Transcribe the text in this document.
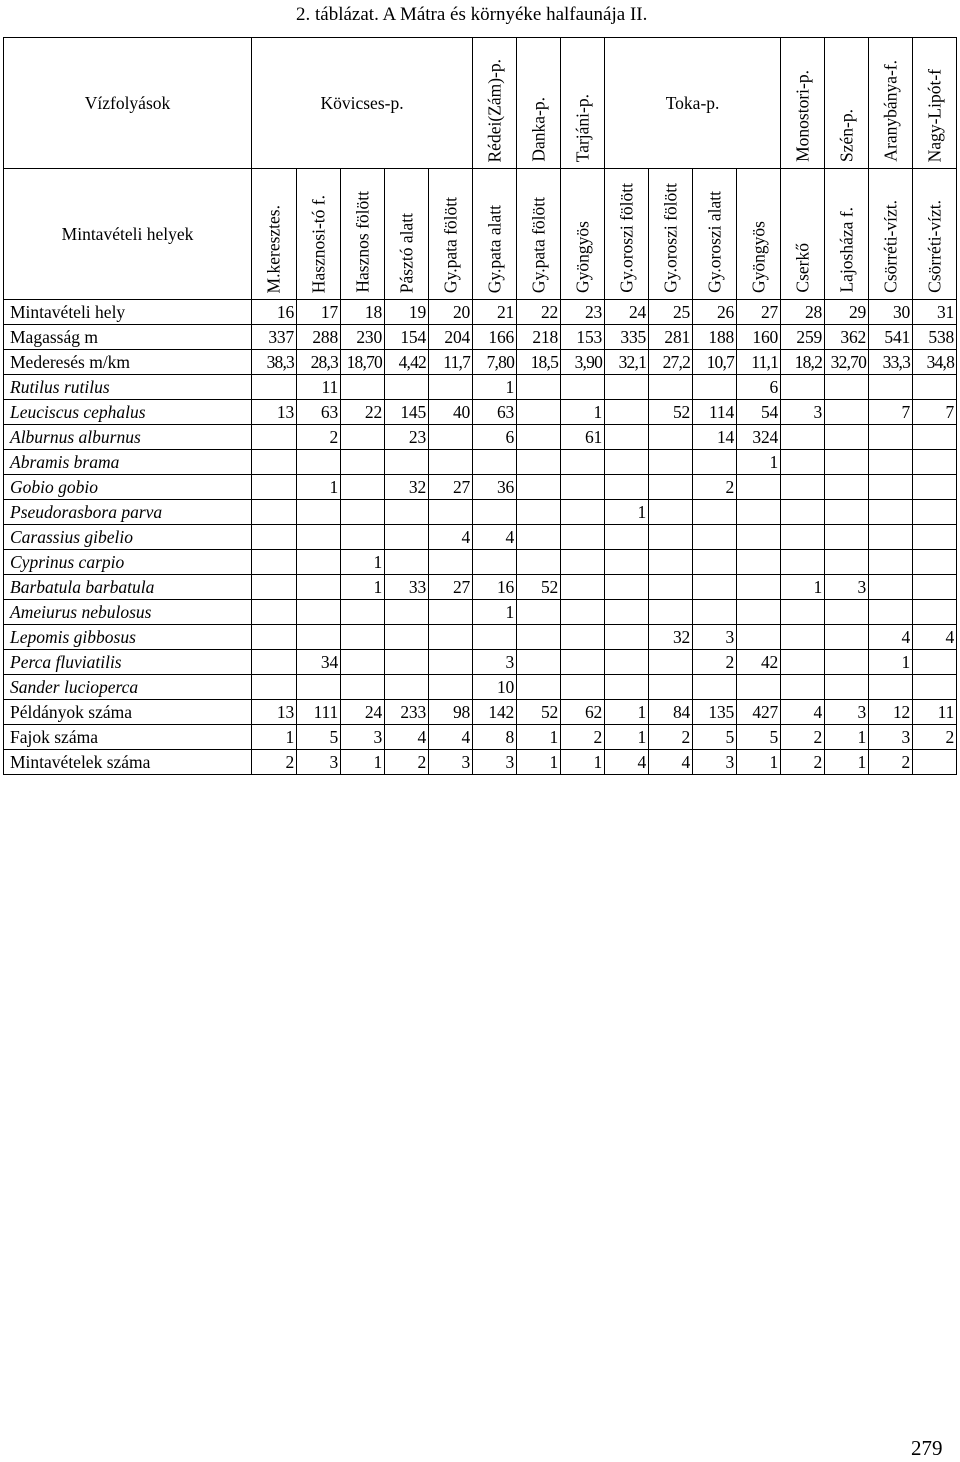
2. táblázat. A Mátra és környéke halfaunája II.
Vízfolyások	Kövicses-p.					Rédei(Zám)-p.	Danka-p.	Tarjáni-p.	Toka-p.				Monostori-p.	Szén-p.	Aranybánya-f.	Nagy-Lipót-f

Mintavételi helyek	M.keresztes.	Hasznosi-tó f.	Hasznos fölött	Pásztó alatt	Gy.pata fölött	Gy.pata alatt	Gy.pata fölött	Gyöngyös	Gy.oroszi fölött	Gy.oroszi fölött	Gy.oroszi alatt	Gyöngyös	Cserkő	Lajosháza f.	Csörréti-vízt.	Csörréti-vízt.

Mintavételi hely	16	17	18	19	20	21	22	23	24	25	26	27	28	29	30	31
Magasság m	337	288	230	154	204	166	218	153	335	281	188	160	259	362	541	538
Mederesés m/km	38,3	28,3	18,70	4,42	11,7	7,80	18,5	3,90	32,1	27,2	10,7	11,1	18,2	32,70	33,3	34,8
Rutilus rutilus		11				1						6				
Leuciscus cephalus	13	63	22	145	40	63		1		52	114	54	3		7	7
Alburnus alburnus		2		23		6		61			14	324				
Abramis brama												1				
Gobio gobio		1		32	27	36					2					
Pseudorasbora parva									1							
Carassius gibelio					4	4										
Cyprinus carpio			1													
Barbatula barbatula			1	33	27	16	52						1	3		
Ameiurus nebulosus						1										
Lepomis gibbosus										32	3				4	4
Perca fluviatilis		34				3					2	42			1	
Sander lucioperca						10										
Példányok száma	13	111	24	233	98	142	52	62	1	84	135	427	4	3	12	11
Fajok száma	1	5	3	4	4	8	1	2	1	2	5	5	2	1	3	2
Mintavételek száma	2	3	1	2	3	3	1	1	4	4	3	1	2	1	2	
279
